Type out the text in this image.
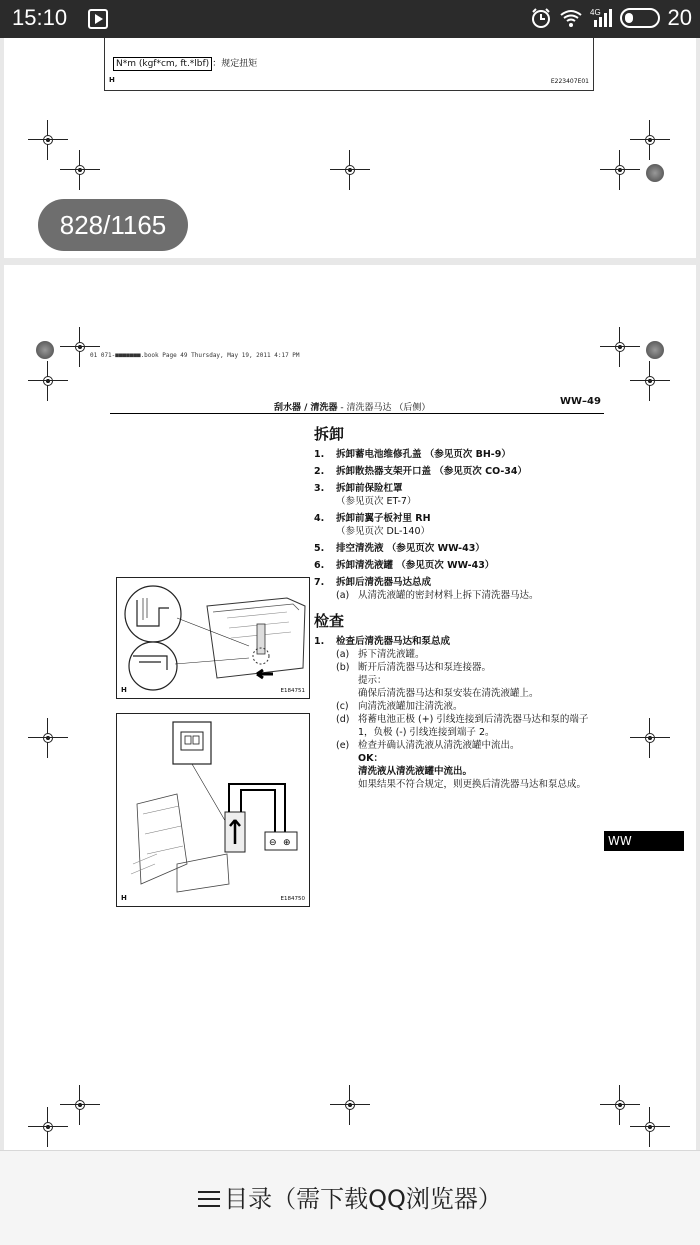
15:10	4G	20
N*m (kgf*cm, ft.*lbf) ：规定扭矩
H	E223407E01
828/1165
01 071-■■■■■■■.book Page 49 Thursday, May 19, 2011 4:17 PM
刮水器 / 清洗器 - 清洗器马达 （后侧）
WW–49
拆卸
1.	拆卸蓄电池维修孔盖 （参见页次 BH-9）
2.	拆卸散热器支架开口盖 （参见页次 CO-34）
3.	拆卸前保险杠罩
（参见页次 ET-7）
4.	拆卸前翼子板衬里 RH
（参见页次 DL-140）
5.	排空清洗液 （参见页次 WW-43）
6.	拆卸清洗液罐 （参见页次 WW-43）
7.	拆卸后清洗器马达总成
(a) 从清洗液罐的密封材料上拆下清洗器马达。
检查
1.	检查后清洗器马达和泵总成
(a) 拆下清洗液罐。
(b) 断开后清洗器马达和泵连接器。
提示：
确保后清洗器马达和泵安装在清洗液罐上。
(c) 向清洗液罐加注清洗液。
(d) 将蓄电池正极 (+) 引线连接到后清洗器马达和泵的端子 1，负极 (-) 引线连接到端子 2。
(e) 检查并确认清洗液从清洗液罐中流出。
OK：
清洗液从清洗液罐中流出。
如果结果不符合规定，则更换后清洗器马达和泵总成。
H	E184751
⊖ ⊕
H	E184750
WW
目录（需下载QQ浏览器）
